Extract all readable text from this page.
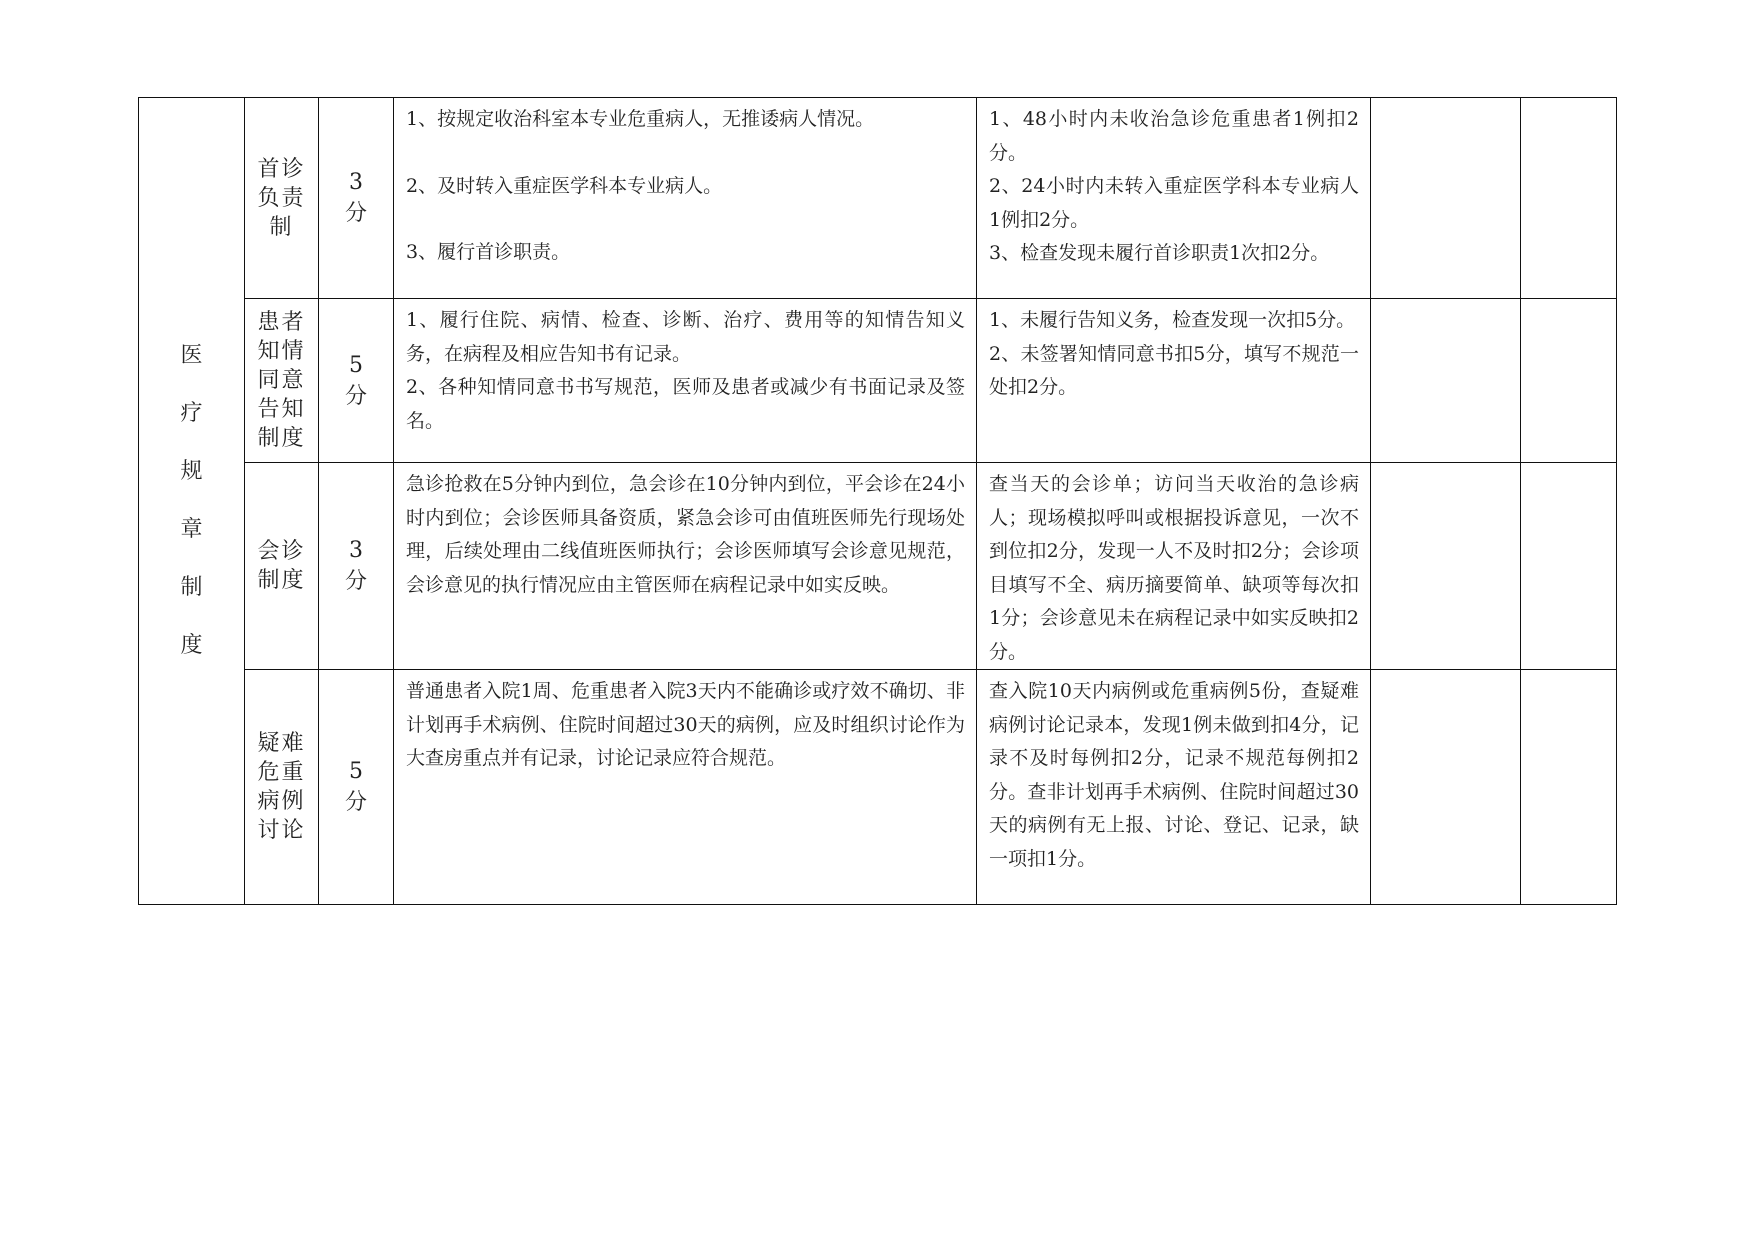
医疗规章制度	首诊负责制	3分	1、按规定收治科室本专业危重病人，无推诿病人情况。
2、及时转入重症医学科本专业病人。
3、履行首诊职责。	1、48小时内未收治急诊危重患者1例扣2分。
2、24小时内未转入重症医学科本专业病人1例扣2分。
3、检查发现未履行首诊职责1次扣2分。		

	患者知情同意告知制度	5分	1、履行住院、病情、检查、诊断、治疗、费用等的知情告知义务，在病程及相应告知书有记录。
2、各种知情同意书书写规范，医师及患者或减少有书面记录及签名。	1、未履行告知义务，检查发现一次扣5分。
2、未签署知情同意书扣5分，填写不规范一处扣2分。		

	会诊制度	3分	急诊抢救在5分钟内到位，急会诊在10分钟内到位，平会诊在24小时内到位；会诊医师具备资质，紧急会诊可由值班医师先行现场处理，后续处理由二线值班医师执行；会诊医师填写会诊意见规范，会诊意见的执行情况应由主管医师在病程记录中如实反映。	查当天的会诊单；访问当天收治的急诊病人；现场模拟呼叫或根据投诉意见，一次不到位扣2分，发现一人不及时扣2分；会诊项目填写不全、病历摘要简单、缺项等每次扣1分；会诊意见未在病程记录中如实反映扣2分。		

	疑难危重病例讨论	5分	普通患者入院1周、危重患者入院3天内不能确诊或疗效不确切、非计划再手术病例、住院时间超过30天的病例，应及时组织讨论作为大查房重点并有记录，讨论记录应符合规范。	查入院10天内病例或危重病例5份，查疑难病例讨论记录本，发现1例未做到扣4分，记录不及时每例扣2分，记录不规范每例扣2分。查非计划再手术病例、住院时间超过30天的病例有无上报、讨论、登记、记录，缺一项扣1分。		
